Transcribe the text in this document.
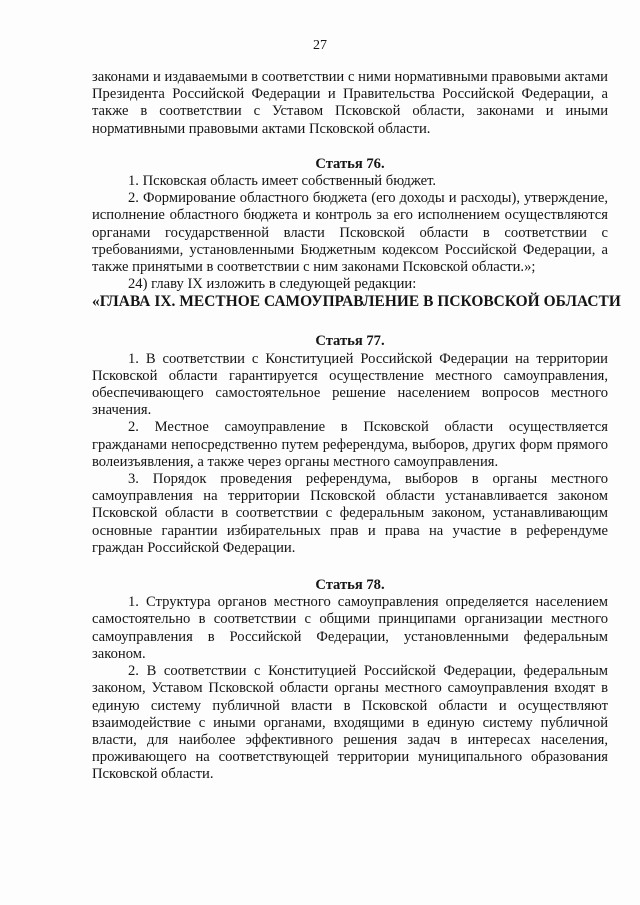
27

законами и издаваемыми в соответствии с ними нормативными правовыми актами Президента Российской Федерации и Правительства Российской Федерации, а также в соответствии с Уставом Псковской области, законами и иными нормативными правовыми актами Псковской области.

Статья 76.

1. Псковская область имеет собственный бюджет.

2. Формирование областного бюджета (его доходы и расходы), утверждение, исполнение областного бюджета и контроль за его исполнением осуществляются органами государственной власти Псковской области в соответствии с требованиями, установленными Бюджетным кодексом Российской Федерации, а также принятыми в соответствии с ним законами Псковской области.»;

24) главу IX изложить в следующей редакции:

«ГЛАВА IX. МЕСТНОЕ САМОУПРАВЛЕНИЕ В ПСКОВСКОЙ ОБЛАСТИ

Статья 77.

1. В соответствии с Конституцией Российской Федерации на территории Псковской области гарантируется осуществление местного самоуправления, обеспечивающего самостоятельное решение населением вопросов местного значения.

2. Местное самоуправление в Псковской области осуществляется гражданами непосредственно путем референдума, выборов, других форм прямого волеизъявления, а также через органы местного самоуправления.

3. Порядок проведения референдума, выборов в органы местного самоуправления на территории Псковской области устанавливается законом Псковской области в соответствии с федеральным законом, устанавливающим основные гарантии избирательных прав и права на участие в референдуме граждан Российской Федерации.

Статья 78.

1. Структура органов местного самоуправления определяется населением самостоятельно в соответствии с общими принципами организации местного самоуправления в Российской Федерации, установленными федеральным законом.

2. В соответствии с Конституцией Российской Федерации, федеральным законом, Уставом Псковской области органы местного самоуправления входят в единую систему публичной власти в Псковской области и осуществляют взаимодействие с иными органами, входящими в единую систему публичной власти, для наиболее эффективного решения задач в интересах населения, проживающего на соответствующей территории муниципального образования Псковской области.
